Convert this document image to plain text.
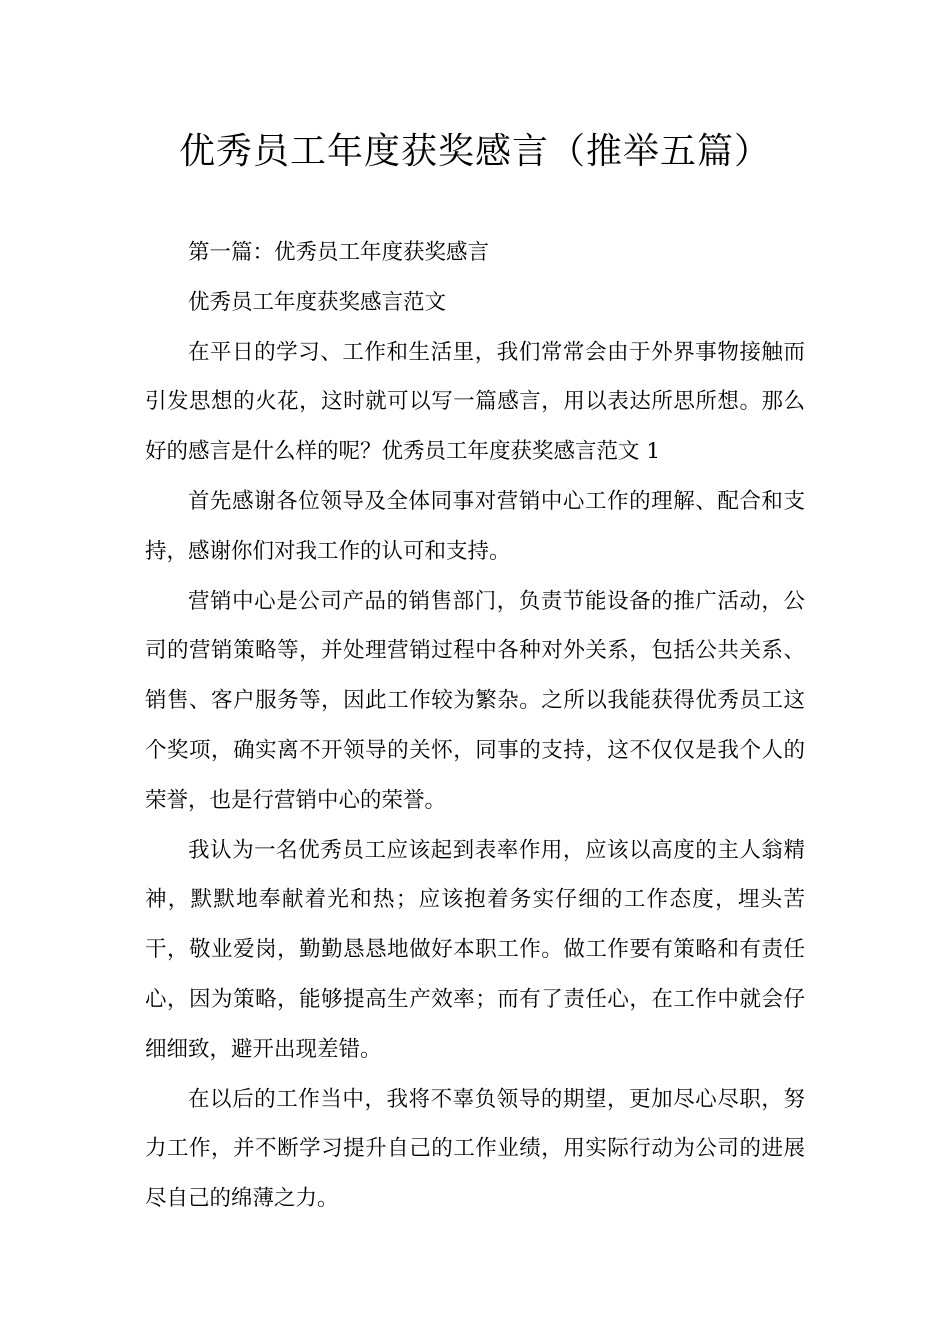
优秀员工年度获奖感言（推举五篇）

第一篇：优秀员工年度获奖感言

优秀员工年度获奖感言范文

在平日的学习、工作和生活里，我们常常会由于外界事物接触而引发思想的火花，这时就可以写一篇感言，用以表达所思所想。那么好的感言是什么样的呢？优秀员工年度获奖感言范文 1

首先感谢各位领导及全体同事对营销中心工作的理解、配合和支持，感谢你们对我工作的认可和支持。

营销中心是公司产品的销售部门，负责节能设备的推广活动，公司的营销策略等，并处理营销过程中各种对外关系，包括公共关系、销售、客户服务等，因此工作较为繁杂。之所以我能获得优秀员工这个奖项，确实离不开领导的关怀，同事的支持，这不仅仅是我个人的荣誉，也是行营销中心的荣誉。

我认为一名优秀员工应该起到表率作用，应该以高度的主人翁精神，默默地奉献着光和热；应该抱着务实仔细的工作态度，埋头苦干，敬业爱岗，勤勤恳恳地做好本职工作。做工作要有策略和有责任心，因为策略，能够提高生产效率；而有了责任心，在工作中就会仔细细致，避开出现差错。

在以后的工作当中，我将不辜负领导的期望，更加尽心尽职，努力工作，并不断学习提升自己的工作业绩，用实际行动为公司的进展尽自己的绵薄之力。
